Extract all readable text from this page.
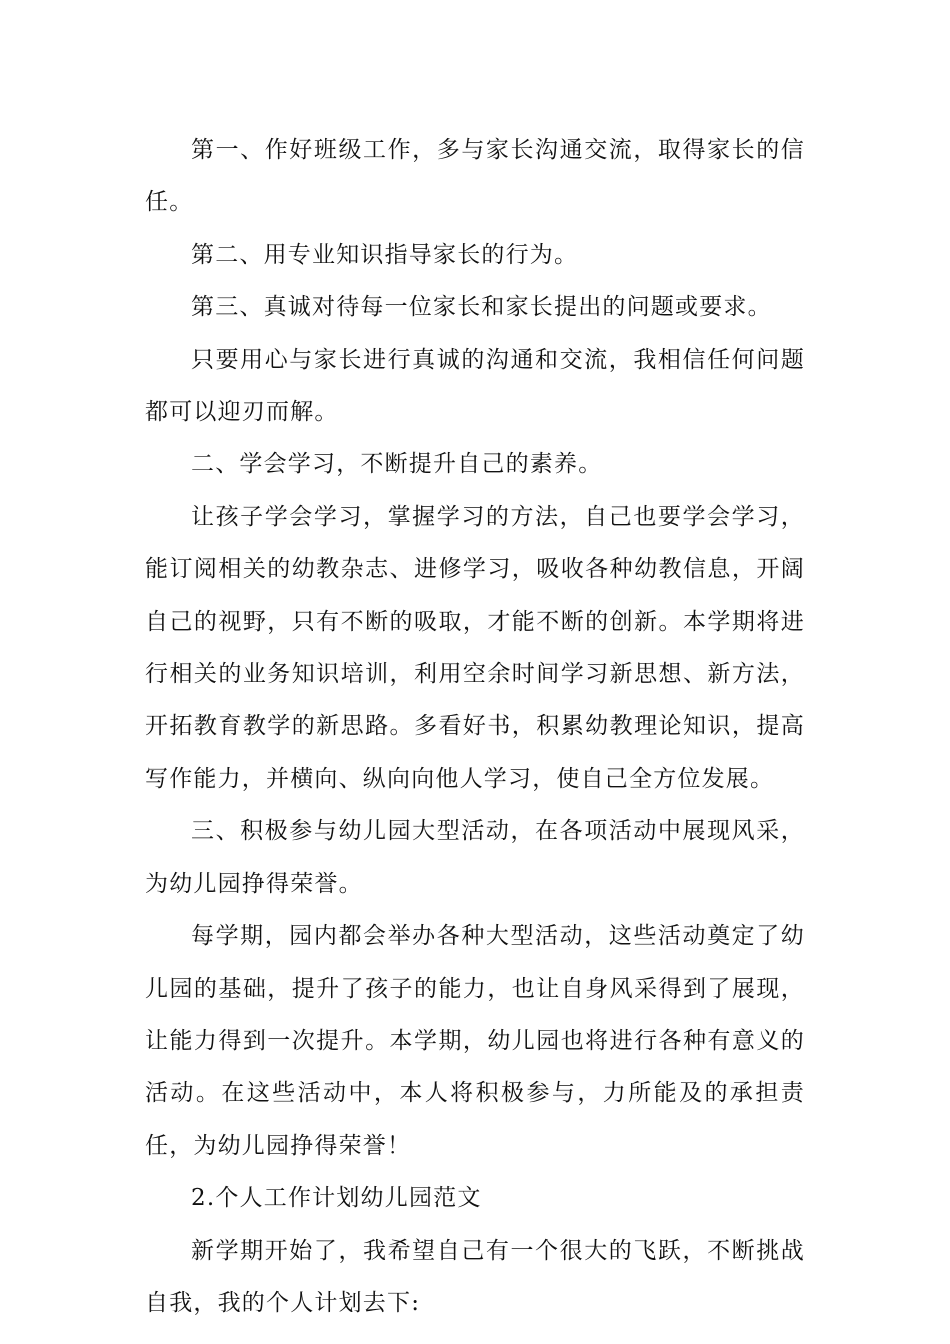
第一、作好班级工作，多与家长沟通交流，取得家长的信任。

第二、用专业知识指导家长的行为。

第三、真诚对待每一位家长和家长提出的问题或要求。

只要用心与家长进行真诚的沟通和交流，我相信任何问题都可以迎刃而解。

二、学会学习，不断提升自己的素养。

让孩子学会学习，掌握学习的方法，自己也要学会学习，能订阅相关的幼教杂志、进修学习，吸收各种幼教信息，开阔自己的视野，只有不断的吸取，才能不断的创新。本学期将进行相关的业务知识培训，利用空余时间学习新思想、新方法，开拓教育教学的新思路。多看好书，积累幼教理论知识，提高写作能力，并横向、纵向向他人学习，使自己全方位发展。

三、积极参与幼儿园大型活动，在各项活动中展现风采，为幼儿园挣得荣誉。

每学期，园内都会举办各种大型活动，这些活动奠定了幼儿园的基础，提升了孩子的能力，也让自身风采得到了展现，让能力得到一次提升。本学期，幼儿园也将进行各种有意义的活动。在这些活动中，本人将积极参与，力所能及的承担责任，为幼儿园挣得荣誉！

2.个人工作计划幼儿园范文

新学期开始了，我希望自己有一个很大的飞跃，不断挑战自我，我的个人计划去下:
